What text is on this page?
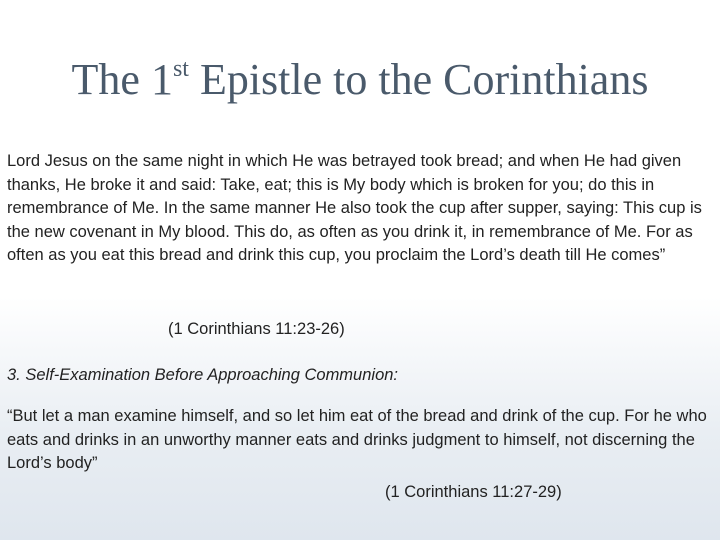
The 1st Epistle to the Corinthians
Lord Jesus on the same night in which He was betrayed took bread; and when He had given thanks, He broke it and said: Take, eat; this is My body which is broken for you; do this in remembrance of Me. In the same manner He also took the cup after supper, saying: This cup is the new covenant in My blood. This do, as often as you drink it, in remembrance of Me. For as often as you eat this bread and drink this cup, you proclaim the Lord’s death till He comes”
(1 Corinthians 11:23-26)
3. Self-Examination Before Approaching Communion:
“But let a man examine himself, and so let him eat of the bread and drink of the cup. For he who eats and drinks in an unworthy manner eats and drinks judgment to himself, not discerning the Lord’s body”
(1 Corinthians 11:27-29)
